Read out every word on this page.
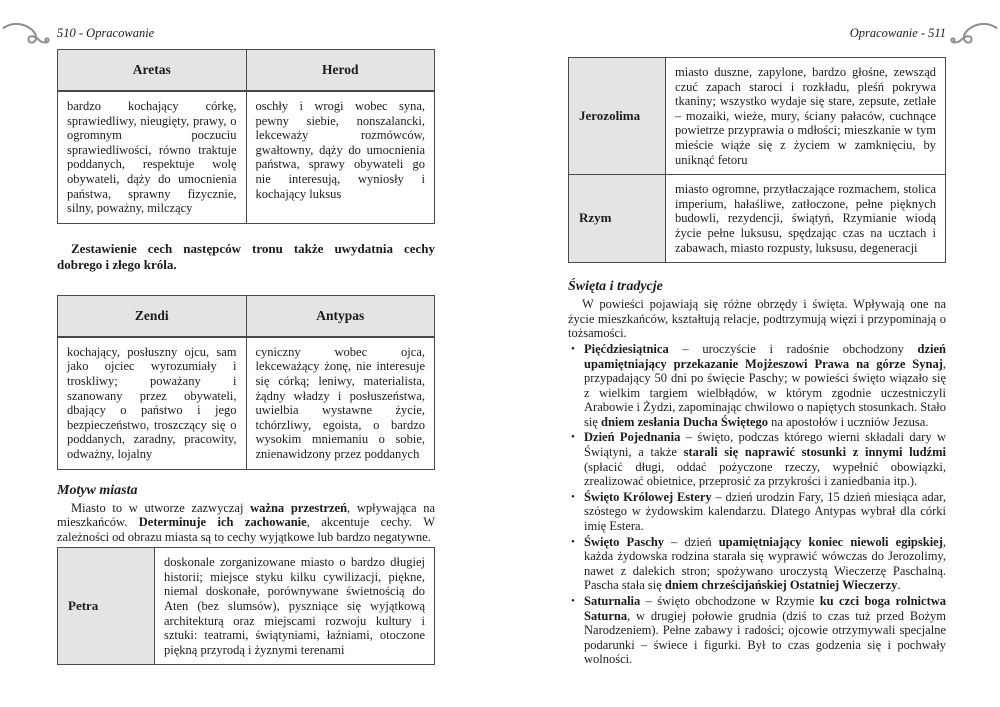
510 - Opracowanie
Aretas	Herod
bardzo kochający córkę, sprawiedliwy, nieugięty, prawy, o ogromnym poczuciu sprawiedliwości, równo traktuje poddanych, respektuje wolę obywateli, dąży do umocnienia państwa, sprawny fizycznie, silny, poważny, milczący	oschły i wrogi wobec syna, pewny siebie, nonszalancki, lekceważy rozmówców, gwałtowny, dąży do umocnienia państwa, sprawy obywateli go nie interesują, wyniosły i kochający luksus

Zestawienie cech następców tronu także uwydatnia cechy dobrego i złego króla.

Zendi	Antypas
kochający, posłuszny ojcu, sam jako ojciec wyrozumiały i troskliwy; poważany i szanowany przez obywateli, dbający o państwo i jego bezpieczeństwo, troszczący się o poddanych, zaradny, pracowity, odważny, lojalny	cyniczny wobec ojca, lekceważący żonę, nie interesuje się córką; leniwy, materialista, żądny władzy i posłuszeństwa, uwielbia wystawne życie, tchórzliwy, egoista, o bardzo wysokim mniemaniu o sobie, znienawidzony przez poddanych
Motyw miasta

Miasto to w utworze zazwyczaj ważna przestrzeń, wpływająca na mieszkańców. Determinuje ich zachowanie, akcentuje cechy. W zależności od obrazu miasta są to cechy wyjątkowe lub bardzo negatywne.

Petra	doskonale zorganizowane miasto o bardzo długiej historii; miejsce styku kilku cywilizacji, piękne, niemal doskonałe, porównywane świetnością do Aten (bez slumsów), pyszniące się wyjątkową architekturą oraz miejscami rozwoju kultury i sztuki: teatrami, świątyniami, łaźniami, otoczone piękną przyrodą i żyznymi terenami
Opracowanie - 511
Jerozolima	miasto duszne, zapylone, bardzo głośne, zewsząd czuć zapach staroci i rozkładu, pleśń pokrywa tkaniny; wszystko wydaje się stare, zepsute, zetlałe – mozaiki, wieże, mury, ściany pałaców, cuchnące powietrze przyprawia o mdłości; mieszkanie w tym mieście wiąże się z życiem w zamknięciu, by uniknąć fetoru
Rzym	miasto ogromne, przytłaczające rozmachem, stolica imperium, hałaśliwe, zatłoczone, pełne pięknych budowli, rezydencji, świątyń, Rzymianie wiodą życie pełne luksusu, spędzając czas na ucztach i zabawach, miasto rozpusty, luksusu, degeneracji
Święta i tradycje

W powieści pojawiają się różne obrzędy i święta. Wpływają one na życie mieszkańców, kształtują relacje, podtrzymują więzi i przypominają o tożsamości.

• Pięćdziesiątnica – uroczyście i radośnie obchodzony dzień upamiętniający przekazanie Mojżeszowi Prawa na górze Synaj, przypadający 50 dni po święcie Paschy; w powieści święto wiązało się z wielkim targiem wielbłądów, w którym zgodnie uczestniczyli Arabowie i Żydzi, zapominając chwilowo o napiętych stosunkach. Stało się dniem zesłania Ducha Świętego na apostołów i uczniów Jezusa.
• Dzień Pojednania – święto, podczas którego wierni składali dary w Świątyni, a także starali się naprawić stosunki z innymi ludźmi (spłacić długi, oddać pożyczone rzeczy, wypełnić obowiązki, zrealizować obietnice, przeprosić za przykrości i zaniedbania itp.).
• Święto Królowej Estery – dzień urodzin Fary, 15 dzień miesiąca adar, szóstego w żydowskim kalendarzu. Dlatego Antypas wybrał dla córki imię Estera.
• Święto Paschy – dzień upamiętniający koniec niewoli egipskiej, każda żydowska rodzina starała się wyprawić wówczas do Jerozolimy, nawet z dalekich stron; spożywano uroczystą Wieczerzę Paschalną. Pascha stała się dniem chrześcijańskiej Ostatniej Wieczerzy.
• Saturnalia – święto obchodzone w Rzymie ku czci boga rolnictwa Saturna, w drugiej połowie grudnia (dziś to czas tuż przed Bożym Narodzeniem). Pełne zabawy i radości; ojcowie otrzymywali specjalne podarunki – świece i figurki. Był to czas godzenia się i pochwały wolności.
